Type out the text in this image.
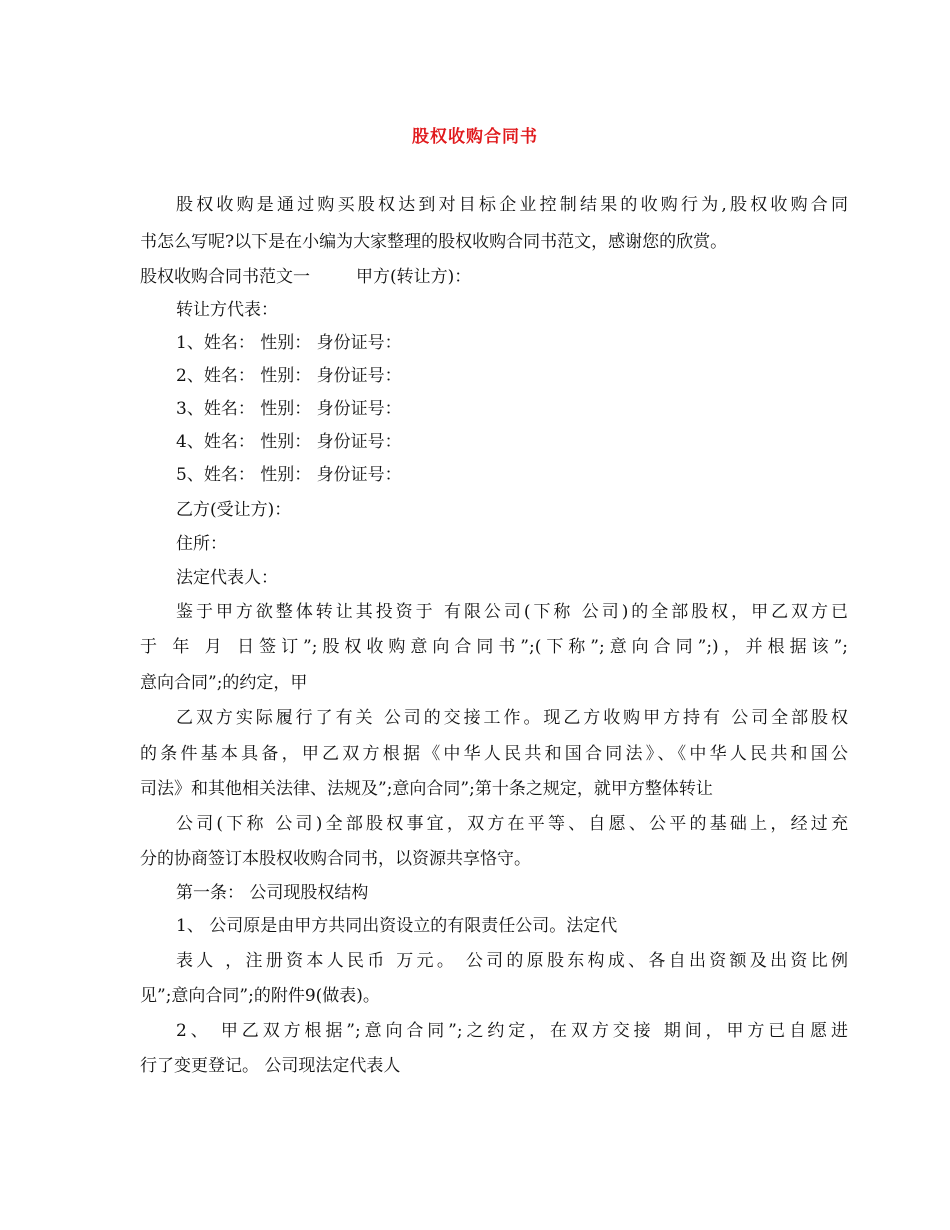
股权收购合同书
股权收购是通过购买股权达到对目标企业控制结果的收购行为,股权收购合同
书怎么写呢?以下是在小编为大家整理的股权收购合同书范文，感谢您的欣赏。
股权收购合同书范文一	甲方(转让方)：
转让方代表：
1、姓名： 性别： 身份证号：
2、姓名： 性别： 身份证号：
3、姓名： 性别： 身份证号：
4、姓名： 性别： 身份证号：
5、姓名： 性别： 身份证号：
乙方(受让方)：
住所：
法定代表人：
鉴于甲方欲整体转让其投资于 有限公司(下称 公司)的全部股权，甲乙双方已
于 年 月 日签订”;股权收购意向合同书”;(下称”;意向合同”;)，并根据该”;
意向合同”;的约定，甲
乙双方实际履行了有关 公司的交接工作。现乙方收购甲方持有 公司全部股权
的条件基本具备，甲乙双方根据《中华人民共和国合同法》、《中华人民共和国公
司法》和其他相关法律、法规及”;意向合同”;第十条之规定，就甲方整体转让
公司(下称 公司)全部股权事宜，双方在平等、自愿、公平的基础上，经过充
分的协商签订本股权收购合同书，以资源共享恪守。
第一条： 公司现股权结构
1、 公司原是由甲方共同出资设立的有限责任公司。法定代
表人 ，注册资本人民币 万元。 公司的原股东构成、各自出资额及出资比例
见”;意向合同”;的附件9(做表)。
2、 甲乙双方根据”;意向合同”;之约定，在双方交接 期间，甲方已自愿进
行了变更登记。 公司现法定代表人
